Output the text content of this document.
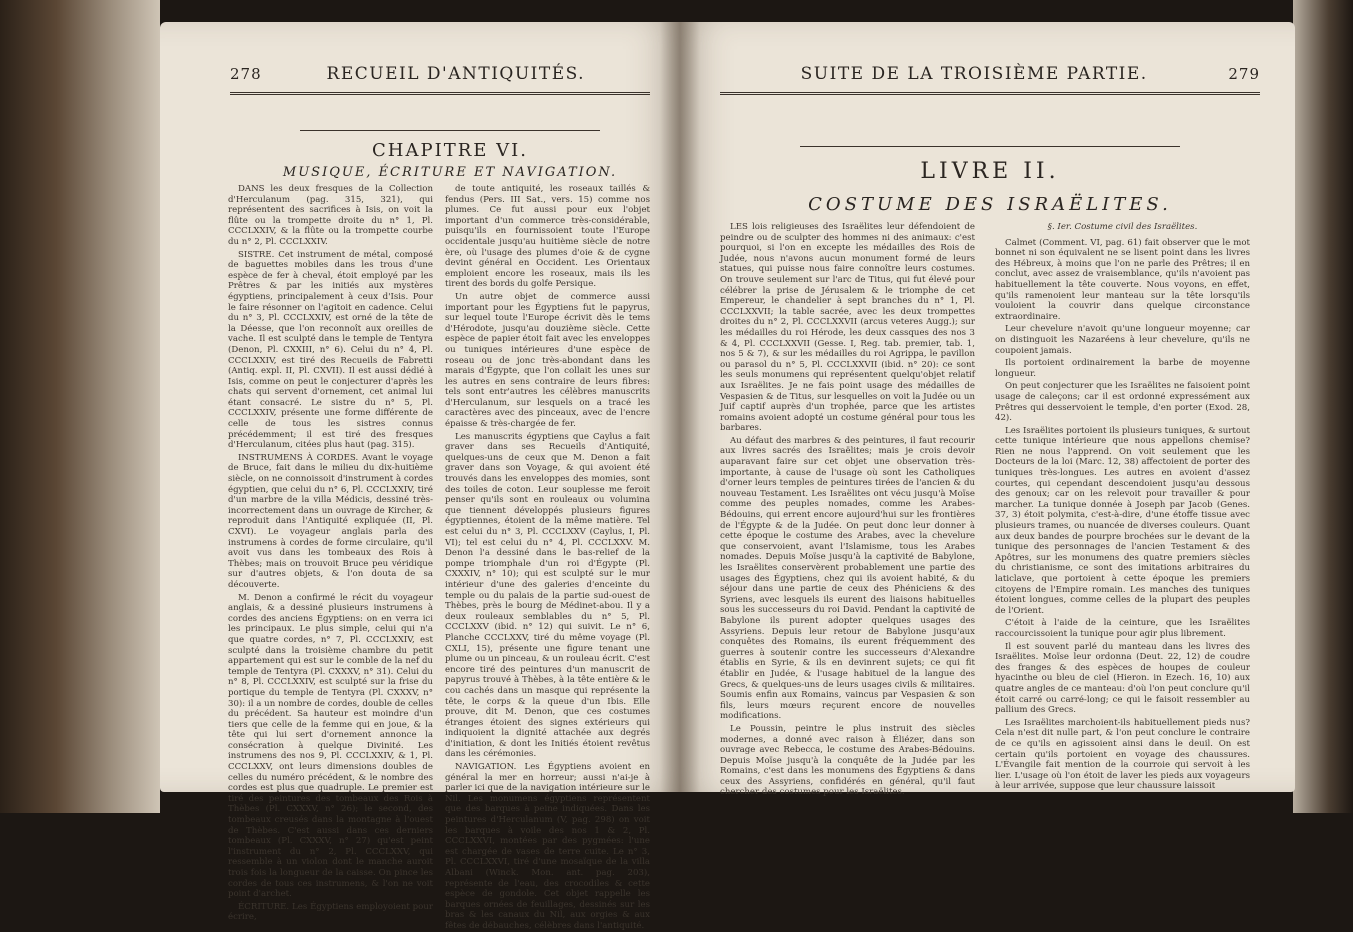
278	RECUEIL D'ANTIQUITÉS.
CHAPITRE VI.
MUSIQUE, ÉCRITURE ET NAVIGATION.

DANS les deux fresques de la Collection d'Herculanum (pag. 315, 321), qui représentent des sacrifices à Isis, on voit la flûte ou la trompette droite du n° 1, Pl. CCCLXXIV, & la flûte ou la trompette courbe du n° 2, Pl. CCCLXXIV.

SISTRE. Cet instrument de métal, composé de baguettes mobiles dans les trous d'une espèce de fer à cheval, étoit employé par les Prêtres & par les initiés aux mystères égyptiens, principalement à ceux d'Isis. Pour le faire résonner on l'agitoit en cadence. Celui du n° 3, Pl. CCCLXXIV, est orné de la tête de la Déesse, que l'on reconnoît aux oreilles de vache. Il est sculpté dans le temple de Tentyra (Denon, Pl. CXXIII, n° 6). Celui du n° 4, Pl. CCCLXXIV, est tiré des Recueils de Fabretti (Antiq. expl. II, Pl. CXVII). Il est aussi dédié à Isis, comme on peut le conjecturer d'après les chats qui servent d'ornement, cet animal lui étant consacré. Le sistre du n° 5, Pl. CCCLXXIV, présente une forme différente de celle de tous les sistres connus précédemment; il est tiré des fresques d'Herculanum, citées plus haut (pag. 315).

INSTRUMENS À CORDES. Avant le voyage de Bruce, fait dans le milieu du dix-huitième siècle, on ne connoissoit d'instrument à cordes égyptien, que celui du n° 6, Pl. CCCLXXIV, tiré d'un marbre de la villa Médicis, dessiné très-incorrectement dans un ouvrage de Kircher, & reproduit dans l'Antiquité expliquée (II, Pl. CXVI). Le voyageur anglais parla des instrumens à cordes de forme circulaire, qu'il avoit vus dans les tombeaux des Rois à Thèbes; mais on trouvoit Bruce peu véridique sur d'autres objets, & l'on douta de sa découverte.

M. Denon a confirmé le récit du voyageur anglais, & a dessiné plusieurs instrumens à cordes des anciens Égyptiens: on en verra ici les principaux. Le plus simple, celui qui n'a que quatre cordes, n° 7, Pl. CCCLXXIV, est sculpté dans la troisième chambre du petit appartement qui est sur le comble de la nef du temple de Tentyra (Pl. CXXXV, n° 31). Celui du n° 8, Pl. CCCLXXIV, est sculpté sur la frise du portique du temple de Tentyra (Pl. CXXXV, n° 30): il a un nombre de cordes, double de celles du précédent. Sa hauteur est moindre d'un tiers que celle de la femme qui en joue, & la tête qui lui sert d'ornement annonce la consécration à quelque Divinité. Les instrumens des nos 9, Pl. CCCLXXIV, & 1, Pl. CCCLXXV, ont leurs dimensions doubles de celles du numéro précédent, & le nombre des cordes est plus que quadruple. Le premier est tiré des peintures des tombeaux des Rois à Thèbes (Pl. CXXXV, n° 26); le second, des tombeaux creusés dans la montagne à l'ouest de Thèbes. C'est aussi dans ces derniers tombeaux (Pl. CXXXV, n° 27) qu'est peint l'instrument du n° 2, Pl. CCCLXXV, qui ressemble à un violon dont le manche auroit trois fois la longueur de la caisse. On pince les cordes de tous ces instrumens, & l'on ne voit point d'archet.

ÉCRITURE. Les Égyptiens employoient pour écrire,

de toute antiquité, les roseaux taillés & fendus (Pers. III Sat., vers. 15) comme nos plumes. Ce fut aussi pour eux l'objet important d'un commerce très-considérable, puisqu'ils en fournissoient toute l'Europe occidentale jusqu'au huitième siècle de notre ère, où l'usage des plumes d'oie & de cygne devint général en Occident. Les Orientaux emploient encore les roseaux, mais ils les tirent des bords du golfe Persique.

Un autre objet de commerce aussi important pour les Égyptiens fut le papyrus, sur lequel toute l'Europe écrivit dès le tems d'Hérodote, jusqu'au douzième siècle. Cette espèce de papier étoit fait avec les enveloppes ou tuniques intérieures d'une espèce de roseau ou de jonc très-abondant dans les marais d'Égypte, que l'on collait les unes sur les autres en sens contraire de leurs fibres: tels sont entr'autres les célèbres manuscrits d'Herculanum, sur lesquels on a tracé les caractères avec des pinceaux, avec de l'encre épaisse & très-chargée de fer.

Les manuscrits égyptiens que Caylus a fait graver dans ses Recueils d'Antiquité, quelques-uns de ceux que M. Denon a fait graver dans son Voyage, & qui avoient été trouvés dans les enveloppes des momies, sont des toiles de coton. Leur souplesse me feroit penser qu'ils sont en rouleaux ou volumina que tiennent développés plusieurs figures égyptiennes, étoient de la même matière. Tel est celui du n° 3, Pl. CCCLXXV (Caylus, I, Pl. VI); tel est celui du n° 4, Pl. CCCLXXV. M. Denon l'a dessiné dans le bas-relief de la pompe triomphale d'un roi d'Égypte (Pl. CXXXIV, n° 10); qui est sculpté sur le mur intérieur d'une des galeries d'enceinte du temple ou du palais de la partie sud-ouest de Thèbes, près le bourg de Médinet-abou. Il y a deux rouleaux semblables du n° 5, Pl. CCCLXXV (ibid. n° 12) qui suivit. Le n° 6, Planche CCCLXXV, tiré du même voyage (Pl. CXLI, 15), présente une figure tenant une plume ou un pinceau, & un rouleau écrit. C'est encore tiré des peintures d'un manuscrit de papyrus trouvé à Thèbes, à la tête entière & le cou cachés dans un masque qui représente la tête, le corps & la queue d'un Ibis. Elle prouve, dit M. Denon, que ces costumes étranges étoient des signes extérieurs qui indiquoient la dignité attachée aux degrés d'initiation, & dont les Initiés étoient revêtus dans les cérémonies.

NAVIGATION. Les Égyptiens avoient en général la mer en horreur; aussi n'ai-je à parler ici que de la navigation intérieure sur le Nil. Les monumens égyptiens représentent que des barques à peine indiquées. Dans les peintures d'Herculanum (V, pag. 298) on voit les barques à voile des nos 1 & 2, Pl. CCCLXXVI, montées par des pygmées: l'une est chargée de vases de terre cuite. Le n° 3, Pl. CCCLXXVI, tiré d'une mosaïque de la villa Albani (Winck. Mon. ant. pag. 203), représente de l'eau, des crocodiles & cette espèce de gondole. Cet objet rappelle les barques ornées de feuillages, dessinés sur les bras & les canaux du Nil, aux orgies & aux fêtes de débauches, célèbres dans l'antiquité.

SUITE DE LA TROISIÈME PARTIE.	279
LIVRE II.
COSTUME DES ISRAËLITES.

LES lois religieuses des Israëlites leur défendoient de peindre ou de sculpter des hommes ni des animaux: c'est pourquoi, si l'on en excepte les médailles des Rois de Judée, nous n'avons aucun monument formé de leurs statues, qui puisse nous faire connoître leurs costumes. On trouve seulement sur l'arc de Titus, qui fut élevé pour célébrer la prise de Jérusalem & le triomphe de cet Empereur, le chandelier à sept branches du n° 1, Pl. CCCLXXVII; la table sacrée, avec les deux trompettes droites du n° 2, Pl. CCCLXXVII (arcus veteres Augg.); sur les médailles du roi Hérode, les deux cassques des nos 3 & 4, Pl. CCCLXXVII (Gesse. I, Reg. tab. premier, tab. 1, nos 5 & 7), & sur les médailles du roi Agrippa, le pavillon ou parasol du n° 5, Pl. CCCLXXVII (ibid. n° 20): ce sont les seuls monumens qui représentent quelqu'objet relatif aux Israëlites. Je ne fais point usage des médailles de Vespasien & de Titus, sur lesquelles on voit la Judée ou un Juif captif auprès d'un trophée, parce que les artistes romains avoient adopté un costume général pour tous les barbares.

Au défaut des marbres & des peintures, il faut recourir aux livres sacrés des Israëlites; mais je crois devoir auparavant faire sur cet objet une observation très-importante, à cause de l'usage où sont les Catholiques d'orner leurs temples de peintures tirées de l'ancien & du nouveau Testament. Les Israëlites ont vécu jusqu'à Moïse comme des peuples nomades, comme les Arabes-Bédouins, qui errent encore aujourd'hui sur les frontières de l'Égypte & de la Judée. On peut donc leur donner à cette époque le costume des Arabes, avec la chevelure que conservoient, avant l'Islamisme, tous les Arabes nomades. Depuis Moïse jusqu'à la captivité de Babylone, les Israëlites conservèrent probablement une partie des usages des Égyptiens, chez qui ils avoient habité, & du séjour dans une partie de ceux des Phéniciens & des Syriens, avec lesquels ils eurent des liaisons habituelles sous les successeurs du roi David. Pendant la captivité de Babylone ils purent adopter quelques usages des Assyriens. Depuis leur retour de Babylone jusqu'aux conquêtes des Romains, ils eurent fréquemment des guerres à soutenir contre les successeurs d'Alexandre établis en Syrie, & ils en devinrent sujets; ce qui fit établir en Judée, & l'usage habituel de la langue des Grecs, & quelques-uns de leurs usages civils & militaires. Soumis enfin aux Romains, vaincus par Vespasien & son fils, leurs mœurs reçurent encore de nouvelles modifications.

Le Poussin, peintre le plus instruit des siècles modernes, a donné avec raison à Éliézer, dans son ouvrage avec Rebecca, le costume des Arabes-Bédouins. Depuis Moïse jusqu'à la conquête de la Judée par les Romains, c'est dans les monumens des Égyptiens & dans ceux des Assyriens, confidérés en général, qu'il faut chercher des costumes pour les Israëlites.

§. Ier. Costume civil des Israëlites.

Calmet (Comment. VI, pag. 61) fait observer que le mot bonnet ni son équivalent ne se lisent point dans les livres des Hébreux, à moins que l'on ne parle des Prêtres; il en conclut, avec assez de vraisemblance, qu'ils n'avoient pas habituellement la tête couverte. Nous voyons, en effet, qu'ils ramenoient leur manteau sur la tête lorsqu'ils vouloient la couvrir dans quelque circonstance extraordinaire.

Leur chevelure n'avoit qu'une longueur moyenne; car on distinguoit les Nazaréens à leur chevelure, qu'ils ne coupoient jamais.

Ils portoient ordinairement la barbe de moyenne longueur.

On peut conjecturer que les Israëlites ne faisoient point usage de caleçons; car il est ordonné expressément aux Prêtres qui desservoient le temple, d'en porter (Exod. 28, 42).

Les Israëlites portoient ils plusieurs tuniques, & surtout cette tunique intérieure que nous appellons chemise? Rien ne nous l'apprend. On voit seulement que les Docteurs de la loi (Marc. 12, 38) affectoient de porter des tuniques très-longues. Les autres en avoient d'assez courtes, qui cependant descendoient jusqu'au dessous des genoux; car on les relevoit pour travailler & pour marcher. La tunique donnée à Joseph par Jacob (Genes. 37, 3) étoit polymita, c'est-à-dire, d'une étoffe tissue avec plusieurs trames, ou nuancée de diverses couleurs. Quant aux deux bandes de pourpre brochées sur le devant de la tunique des personnages de l'ancien Testament & des Apôtres, sur les monumens des quatre premiers siècles du christianisme, ce sont des imitations arbitraires du laticlave, que portoient à cette époque les premiers citoyens de l'Empire romain. Les manches des tuniques étoient longues, comme celles de la plupart des peuples de l'Orient.

C'étoit à l'aide de la ceinture, que les Israëlites raccourcissoient la tunique pour agir plus librement.

Il est souvent parlé du manteau dans les livres des Israëlites. Moïse leur ordonna (Deut. 22, 12) de coudre des franges & des espèces de houpes de couleur hyacinthe ou bleu de ciel (Hieron. in Ezech. 16, 10) aux quatre angles de ce manteau: d'où l'on peut conclure qu'il étoit carré ou carré-long; ce qui le faisoit ressembler au pallium des Grecs.

Les Israëlites marchoient-ils habituellement pieds nus? Cela n'est dit nulle part, & l'on peut conclure le contraire de ce qu'ils en agissoient ainsi dans le deuil. On est certain qu'ils portoient en voyage des chaussures. L'Évangile fait mention de la courroie qui servoit à les lier. L'usage où l'on étoit de laver les pieds aux voyageurs à leur arrivée, suppose que leur chaussure laissoit
